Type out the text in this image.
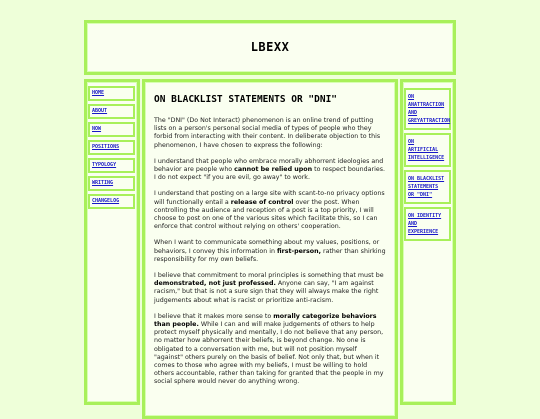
LBEXX
HOME
ABOUT
NOW
POSITIONS
TYPOLOGY
WRITING
CHANGELOG
ON BLACKLIST STATEMENTS OR "DNI"

The "DNI" (Do Not Interact) phenomenon is an online trend of putting lists on a person's personal social media of types of people who they forbid from interacting with their content. In deliberate objection to this phenomenon, I have chosen to express the following:

I understand that people who embrace morally abhorrent ideologies and behavior are people who cannot be relied upon to respect boundaries. I do not expect "if you are evil, go away" to work.

I understand that posting on a large site with scant-to-no privacy options will functionally entail a release of control over the post. When controlling the audience and reception of a post is a top priority, I will choose to post on one of the various sites which facilitate this, so I can enforce that control without relying on others' cooperation.

When I want to communicate something about my values, positions, or behaviors, I convey this information in first-person, rather than shirking responsibility for my own beliefs.

I believe that commitment to moral principles is something that must be demonstrated, not just professed. Anyone can say, "I am against racism," but that is not a sure sign that they will always make the right judgements about what is racist or prioritize anti-racism.

I believe that it makes more sense to morally categorize behaviors than people. While I can and will make judgements of others to help protect myself physically and mentally, I do not believe that any person, no matter how abhorrent their beliefs, is beyond change. No one is obligated to a conversation with me, but will not position myself "against" others purely on the basis of belief. Not only that, but when it comes to those who agree with my beliefs, I must be willing to hold others accountable, rather than taking for granted that the people in my social sphere would never do anything wrong.

ON ANATTRACTION AND GREYATTRACTION
ON ARTIFICIAL INTELLIGENCE
ON BLACKLIST STATEMENTS OR "DNI"
ON IDENTITY AND EXPERIENCE
